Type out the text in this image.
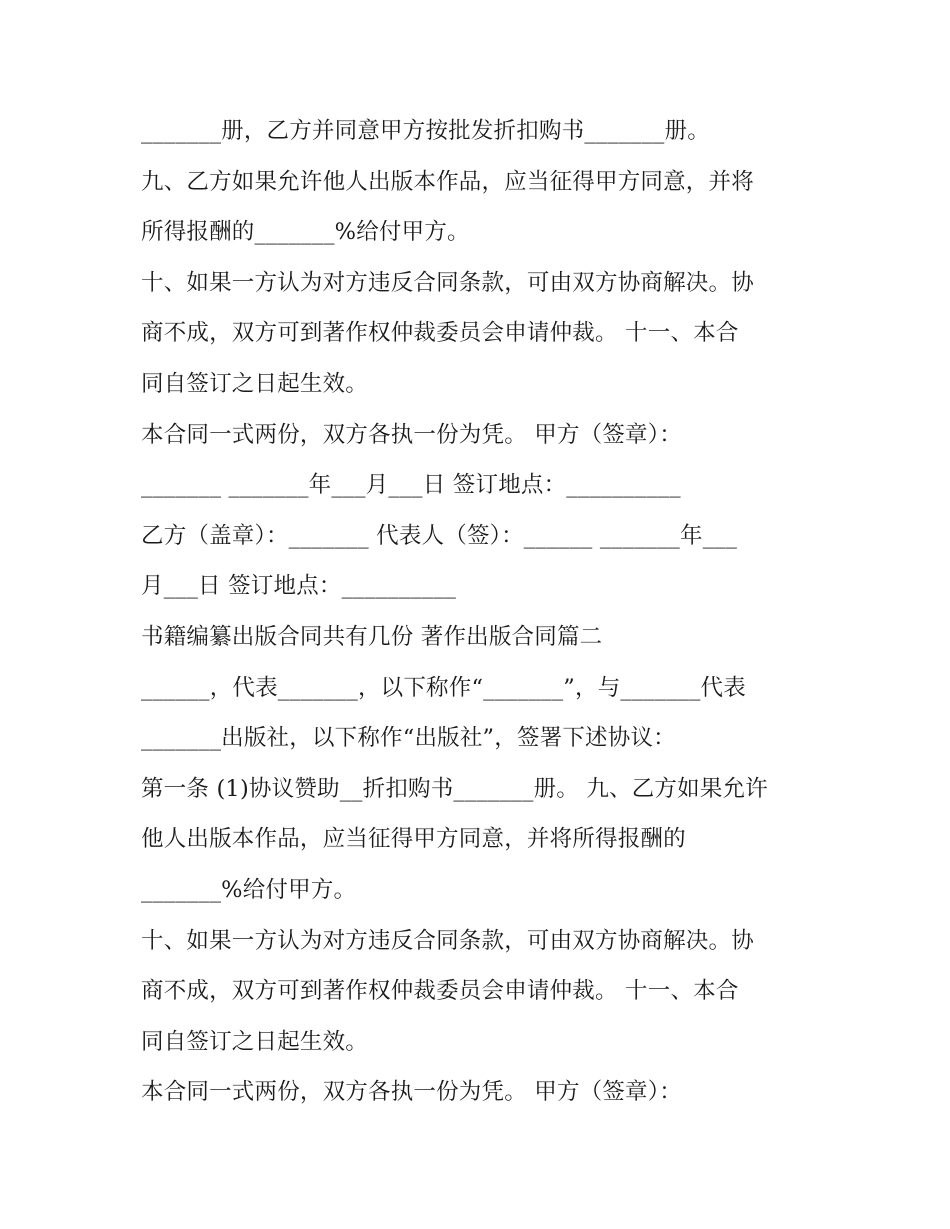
_______册，乙方并同意甲方按批发折扣购书_______册。
九、乙方如果允许他人出版本作品，应当征得甲方同意，并将
所得报酬的_______%给付甲方。
十、如果一方认为对方违反合同条款，可由双方协商解决。协
商不成，双方可到著作权仲裁委员会申请仲裁。 十一、本合
同自签订之日起生效。
本合同一式两份，双方各执一份为凭。 甲方（签章）：
_______ _______年___月___日 签订地点：__________
乙方（盖章）：_______ 代表人（签）：______ _______年___
月___日 签订地点：__________
书籍编纂出版合同共有几份 著作出版合同篇二
______，代表_______，以下称作“_______”，与_______代表
_______出版社，以下称作“出版社”，签署下述协议：
第一条 (1)协议赞助__折扣购书_______册。 九、乙方如果允许
他人出版本作品，应当征得甲方同意，并将所得报酬的
_______%给付甲方。
十、如果一方认为对方违反合同条款，可由双方协商解决。协
商不成，双方可到著作权仲裁委员会申请仲裁。 十一、本合
同自签订之日起生效。
本合同一式两份，双方各执一份为凭。 甲方（签章）：
